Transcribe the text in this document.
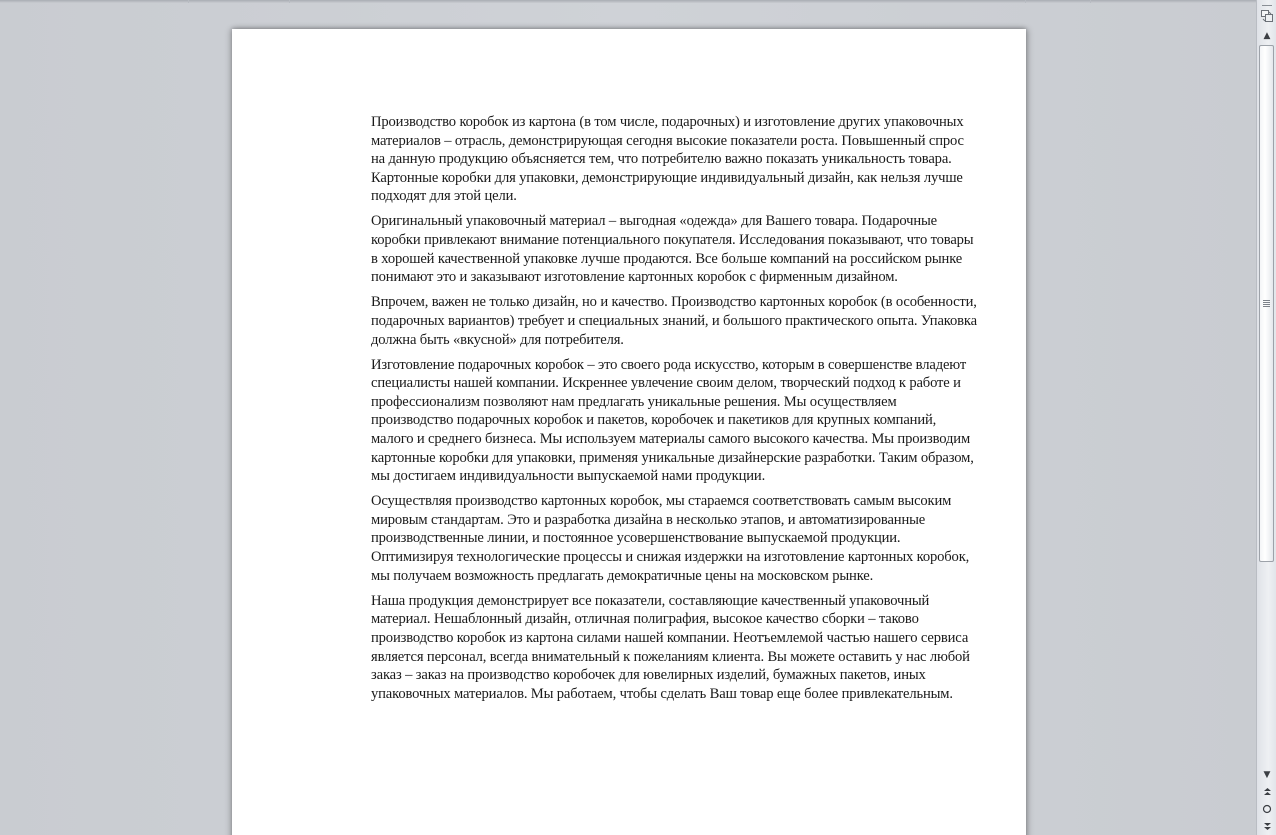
Производство коробок из картона (в том числе, подарочных) и изготовление других упаковочных материалов – отрасль, демонстрирующая сегодня высокие показатели роста. Повышенный спрос на данную продукцию объясняется тем, что потребителю важно показать уникальность товара. Картонные коробки для упаковки, демонстрирующие индивидуальный дизайн, как нельзя лучше подходят для этой цели.

Оригинальный упаковочный материал – выгодная «одежда» для Вашего товара. Подарочные коробки привлекают внимание потенциального покупателя. Исследования показывают, что товары в хорошей качественной упаковке лучше продаются. Все больше компаний на российском рынке понимают это и заказывают изготовление картонных коробок с фирменным дизайном.

Впрочем, важен не только дизайн, но и качество. Производство картонных коробок (в особенности, подарочных вариантов) требует и специальных знаний, и большого практического опыта. Упаковка должна быть «вкусной» для потребителя.

Изготовление подарочных коробок – это своего рода искусство, которым в совершенстве владеют специалисты нашей компании. Искреннее увлечение своим делом, творческий подход к работе и профессионализм позволяют нам предлагать уникальные решения. Мы осуществляем производство подарочных коробок и пакетов, коробочек и пакетиков для крупных компаний, малого и среднего бизнеса. Мы используем материалы самого высокого качества. Мы производим картонные коробки для упаковки, применяя уникальные дизайнерские разработки. Таким образом, мы достигаем индивидуальности выпускаемой нами продукции.

Осуществляя производство картонных коробок, мы стараемся соответствовать самым высоким мировым стандартам. Это и разработка дизайна в несколько этапов, и автоматизированные производственные линии, и постоянное усовершенствование выпускаемой продукции. Оптимизируя технологические процессы и снижая издержки на изготовление картонных коробок, мы получаем возможность предлагать демократичные цены на московском рынке.

Наша продукция демонстрирует все показатели, составляющие качественный упаковочный материал. Нешаблонный дизайн, отличная полиграфия, высокое качество сборки – таково производство коробок из картона силами нашей компании. Неотъемлемой частью нашего сервиса является персонал, всегда внимательный к пожеланиям клиента. Вы можете оставить у нас любой заказ – заказ на производство коробочек для ювелирных изделий, бумажных пакетов, иных упаковочных материалов. Мы работаем, чтобы сделать Ваш товар еще более привлекательным.

▲
▼
